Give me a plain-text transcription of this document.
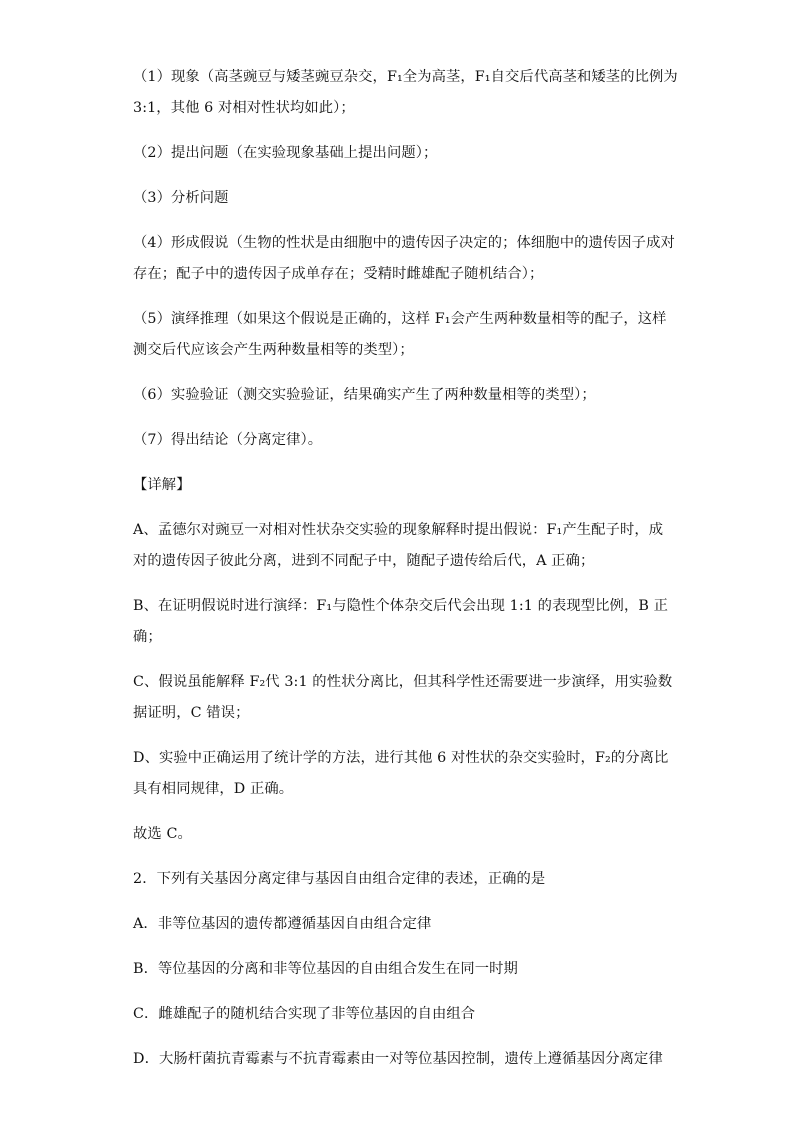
（1）现象（高茎豌豆与矮茎豌豆杂交，F₁全为高茎，F₁自交后代高茎和矮茎的比例为
3:1，其他 6 对相对性状均如此）；
（2）提出问题（在实验现象基础上提出问题）；
（3）分析问题
（4）形成假说（生物的性状是由细胞中的遗传因子决定的；体细胞中的遗传因子成对
存在；配子中的遗传因子成单存在；受精时雌雄配子随机结合）；
（5）演绎推理（如果这个假说是正确的，这样 F₁会产生两种数量相等的配子，这样
测交后代应该会产生两种数量相等的类型）；
（6）实验验证（测交实验验证，结果确实产生了两种数量相等的类型）；
（7）得出结论（分离定律）。
【详解】
A、孟德尔对豌豆一对相对性状杂交实验的现象解释时提出假说：F₁产生配子时，成
对的遗传因子彼此分离，进到不同配子中，随配子遗传给后代，A 正确；
B、在证明假说时进行演绎：F₁与隐性个体杂交后代会出现 1:1 的表现型比例，B 正
确；
C、假说虽能解释 F₂代 3:1 的性状分离比，但其科学性还需要进一步演绎，用实验数
据证明，C 错误；
D、实验中正确运用了统计学的方法，进行其他 6 对性状的杂交实验时，F₂的分离比
具有相同规律，D 正确。
故选 C。
2．下列有关基因分离定律与基因自由组合定律的表述，正确的是
A．非等位基因的遗传都遵循基因自由组合定律
B．等位基因的分离和非等位基因的自由组合发生在同一时期
C．雌雄配子的随机结合实现了非等位基因的自由组合
D．大肠杆菌抗青霉素与不抗青霉素由一对等位基因控制，遗传上遵循基因分离定律
